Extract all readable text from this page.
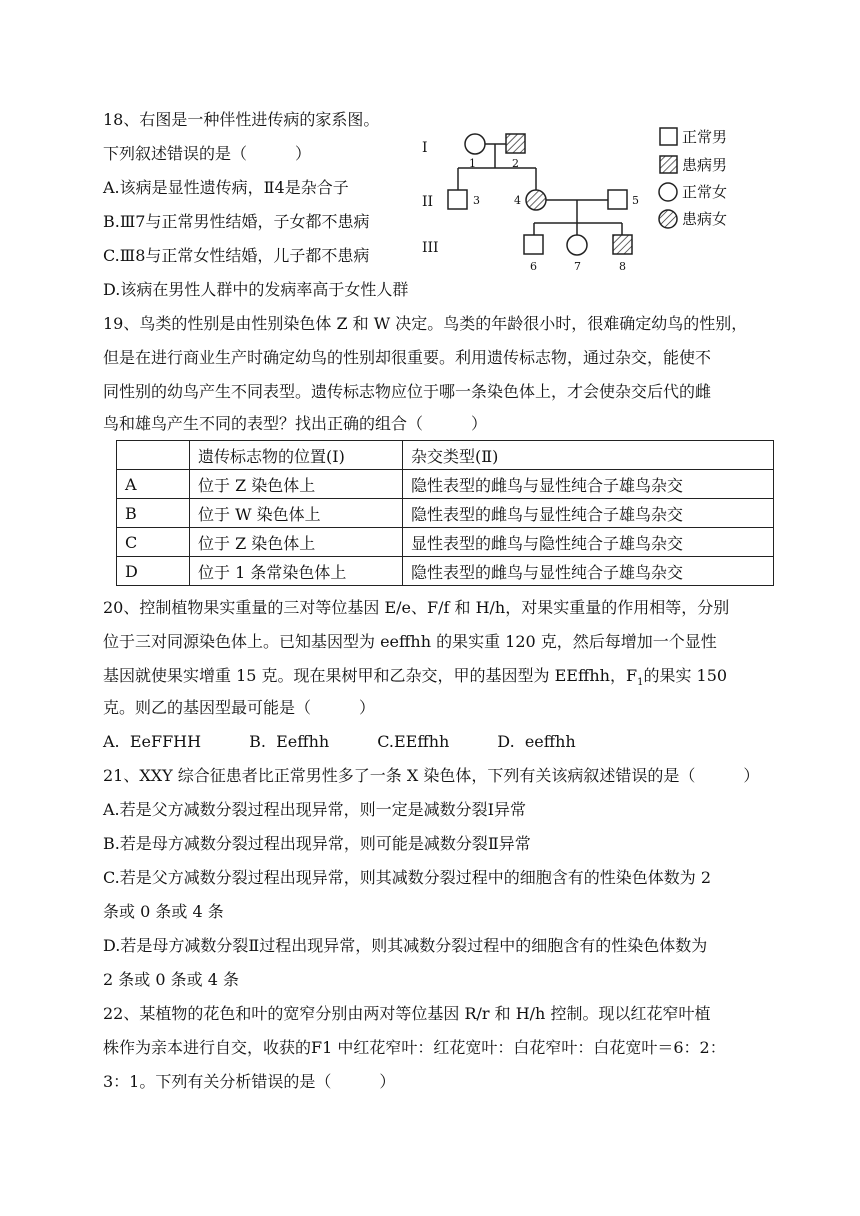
18、右图是一种伴性进传病的家系图。
下列叙述错误的是（　　　）
A.该病是显性遗传病，Ⅱ4是杂合子
B.Ⅲ7与正常男性结婚，子女都不患病
C.Ⅲ8与正常女性结婚，儿子都不患病
D.该病在男性人群中的发病率高于女性人群
I
II
III
1	2
3	4	5
6	7	8
正常男
患病男
正常女
患病女
19、鸟类的性别是由性别染色体 Z 和 W 决定。鸟类的年龄很小时，很难确定幼鸟的性别，
但是在进行商业生产时确定幼鸟的性别却很重要。利用遗传标志物，通过杂交，能使不
同性别的幼鸟产生不同表型。遗传标志物应位于哪一条染色体上，才会使杂交后代的雌
鸟和雄鸟产生不同的表型？找出正确的组合（　　　）
	遗传标志物的位置(Ⅰ)	杂交类型(Ⅱ)
A	位于 Z 染色体上	隐性表型的雌鸟与显性纯合子雄鸟杂交
B	位于 W 染色体上	隐性表型的雌鸟与显性纯合子雄鸟杂交
C	位于 Z 染色体上	显性表型的雌鸟与隐性纯合子雄鸟杂交
D	位于 1 条常染色体上	隐性表型的雌鸟与显性纯合子雄鸟杂交
20、控制植物果实重量的三对等位基因 E/e、F/f 和 H/h，对果实重量的作用相等，分别
位于三对同源染色体上。已知基因型为 eeffhh 的果实重 120 克，然后每增加一个显性
基因就使果实增重 15 克。现在果树甲和乙杂交，甲的基因型为 EEffhh，$F_1$的果实 150
克。则乙的基因型最可能是（　　　）
A.  EeFFHH　　　B.  Eeffhh　　　C.EEffhh　　　D.  eeffhh
21、XXY 综合征患者比正常男性多了一条 X 染色体，下列有关该病叙述错误的是（　　　）
A.若是父方减数分裂过程出现异常，则一定是减数分裂Ⅰ异常
B.若是母方减数分裂过程出现异常，则可能是减数分裂Ⅱ异常
C.若是父方减数分裂过程出现异常，则其减数分裂过程中的细胞含有的性染色体数为 2
条或 0 条或 4 条
D.若是母方减数分裂Ⅱ过程出现异常，则其减数分裂过程中的细胞含有的性染色体数为
2 条或 0 条或 4 条
22、某植物的花色和叶的宽窄分别由两对等位基因 R/r 和 H/h 控制。现以红花窄叶植
株作为亲本进行自交，收获的F1 中红花窄叶：红花宽叶：白花窄叶：白花宽叶＝6：2：
3：1。下列有关分析错误的是（　　　）
